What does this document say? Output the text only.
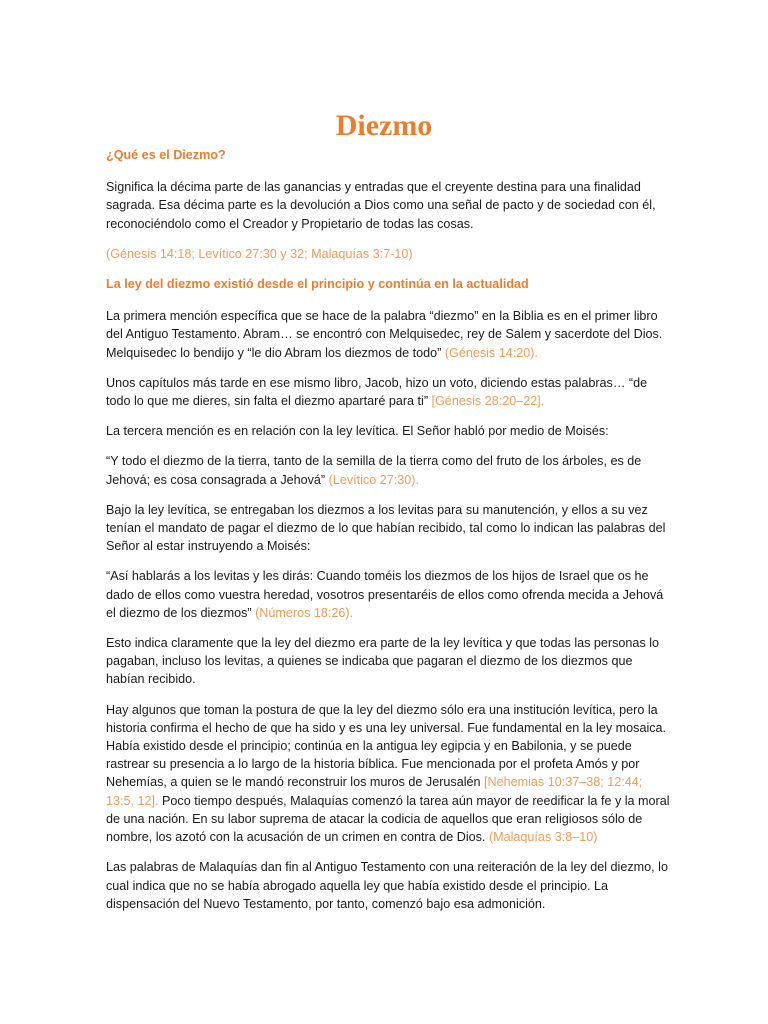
Diezmo
¿Qué es el Diezmo?

Significa la décima parte de las ganancias y entradas que el creyente destina para una finalidad sagrada. Esa décima parte es la devolución a Dios como una señal de pacto y de sociedad con él, reconociéndolo como el Creador y Propietario de todas las cosas.

(Génesis 14:18; Levítico 27:30 y 32; Malaquías 3:7-10)

La ley del diezmo existió desde el principio y continúa en la actualidad

La primera mención específica que se hace de la palabra “diezmo” en la Biblia es en el primer libro del Antiguo Testamento. Abram… se encontró con Melquisedec, rey de Salem y sacerdote del Dios. Melquisedec lo bendijo y “le dio Abram los diezmos de todo” (Génesis 14:20).

Unos capítulos más tarde en ese mismo libro, Jacob, hizo un voto, diciendo estas palabras… “de todo lo que me dieres, sin falta el diezmo apartaré para ti” [Génesis 28:20–22].

La tercera mención es en relación con la ley levítica. El Señor habló por medio de Moisés:

“Y todo el diezmo de la tierra, tanto de la semilla de la tierra como del fruto de los árboles, es de Jehová; es cosa consagrada a Jehová” (Levítico 27:30).

Bajo la ley levítica, se entregaban los diezmos a los levitas para su manutención, y ellos a su vez tenían el mandato de pagar el diezmo de lo que habían recibido, tal como lo indican las palabras del Señor al estar instruyendo a Moisés:

“Así hablarás a los levitas y les dirás: Cuando toméis los diezmos de los hijos de Israel que os he dado de ellos como vuestra heredad, vosotros presentaréis de ellos como ofrenda mecida a Jehová el diezmo de los diezmos” (Números 18:26).

Esto indica claramente que la ley del diezmo era parte de la ley levítica y que todas las personas lo pagaban, incluso los levitas, a quienes se indicaba que pagaran el diezmo de los diezmos que habían recibido.

Hay algunos que toman la postura de que la ley del diezmo sólo era una institución levítica, pero la historia confirma el hecho de que ha sido y es una ley universal. Fue fundamental en la ley mosaica. Había existido desde el principio; continúa en la antigua ley egipcia y en Babilonia, y se puede rastrear su presencia a lo largo de la historia bíblica. Fue mencionada por el profeta Amós y por Nehemías, a quien se le mandó reconstruir los muros de Jerusalén [Nehemias 10:37–38; 12:44; 13:5, 12]. Poco tiempo después, Malaquías comenzó la tarea aún mayor de reedificar la fe y la moral de una nación. En su labor suprema de atacar la codicia de aquellos que eran religiosos sólo de nombre, los azotó con la acusación de un crimen en contra de Dios. (Malaquías 3:8–10)

Las palabras de Malaquías dan fin al Antiguo Testamento con una reiteración de la ley del diezmo, lo cual indica que no se había abrogado aquella ley que había existido desde el principio. La dispensación del Nuevo Testamento, por tanto, comenzó bajo esa admonición.
